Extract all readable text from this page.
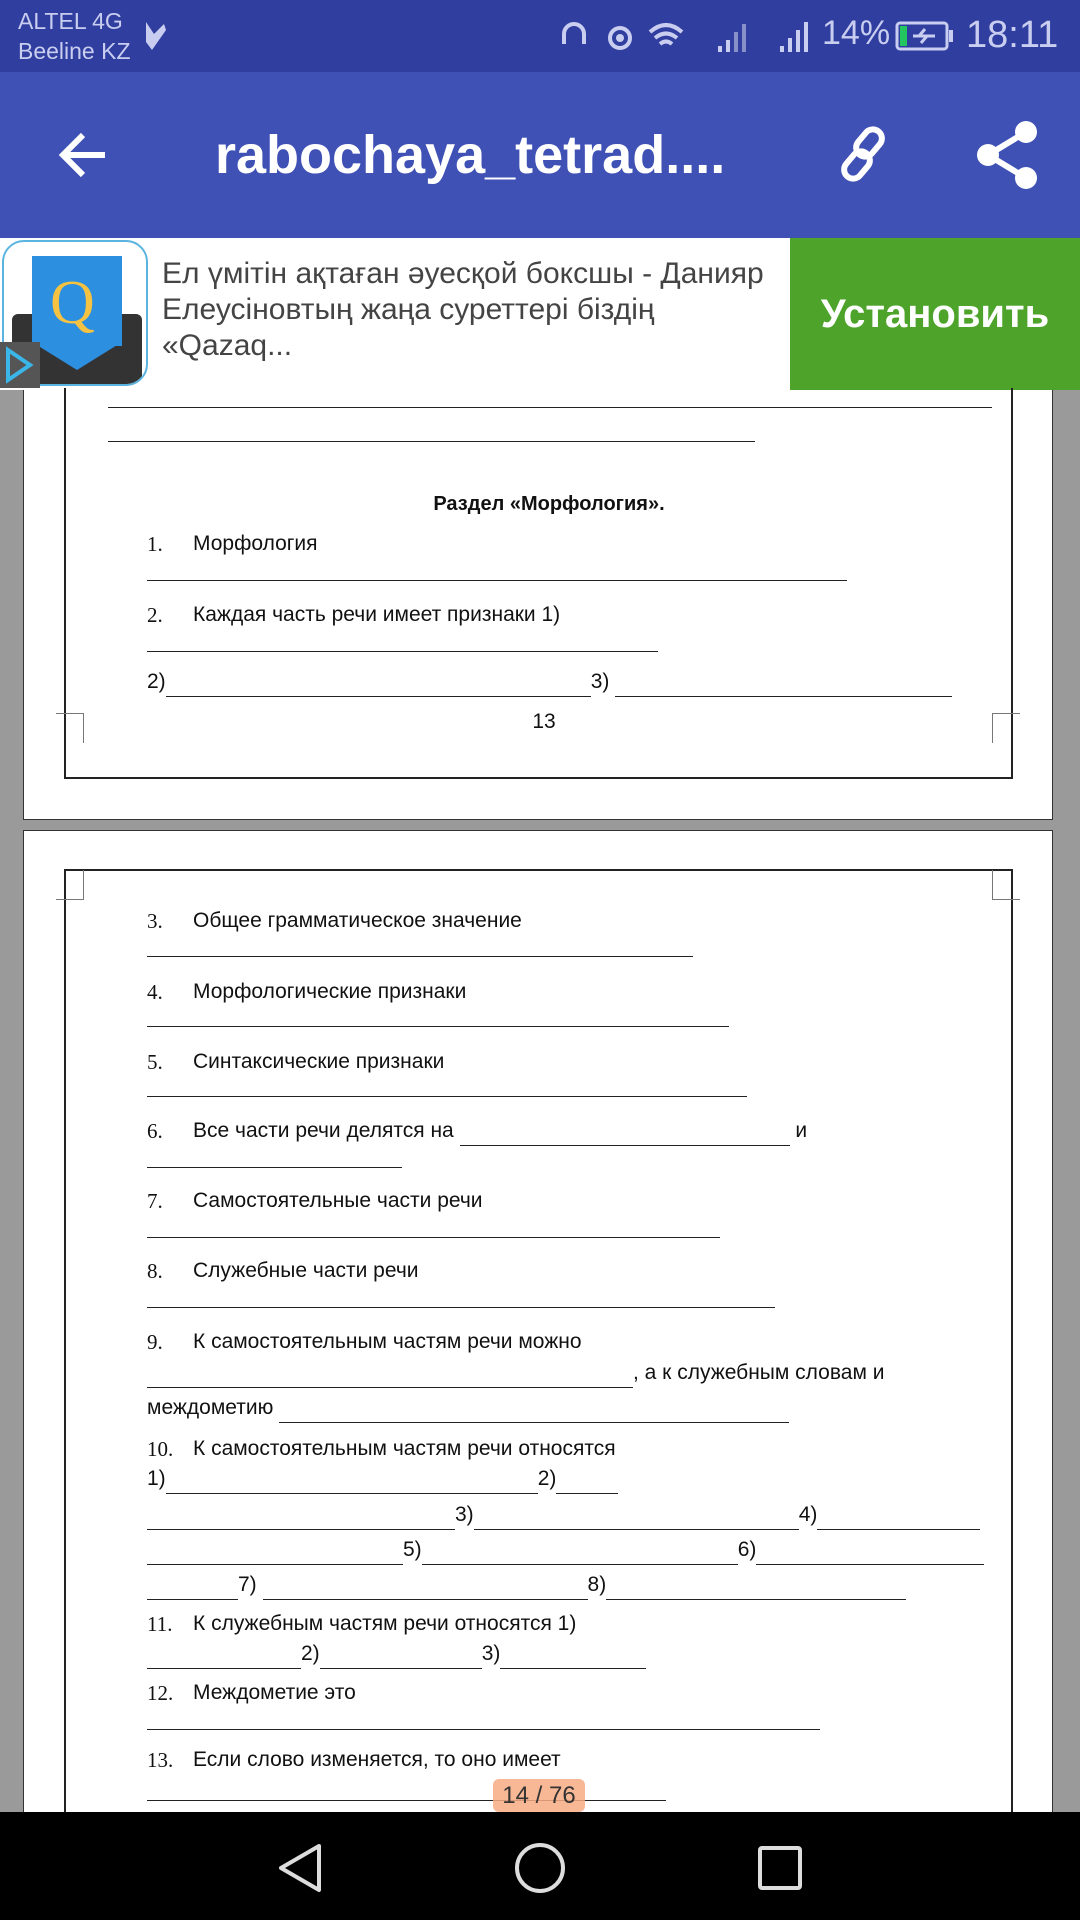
ALTEL 4G
Beeline KZ	14% 18:11
rabochaya_tetrad....
Q Ел үмітін ақтаған әуесқой боксшы - Данияр Елеусіновтың жаңа суреттері біздің «Qazaq...
Установить
Раздел «Морфология».
1.	Морфология
2.	Каждая часть речи имеет признаки 1)
2)	3)
13
3.	Общее грамматическое значение
4.	Морфологические признаки
5.	Синтаксические признаки
6.	Все части речи делятся на	и
7.	Самостоятельные части речи
8.	Служебные части речи
9.	К самостоятельным частям речи можно
, а к служебным словам и
междометию
10. К самостоятельным частям речи относятся
1)	2)
3)	4)
5)	6)
7)	8)
11. К служебным частям речи относятся 1)
2)	3)
12. Междометие это
13. Если слово изменяется, то оно имеет
14 / 76
